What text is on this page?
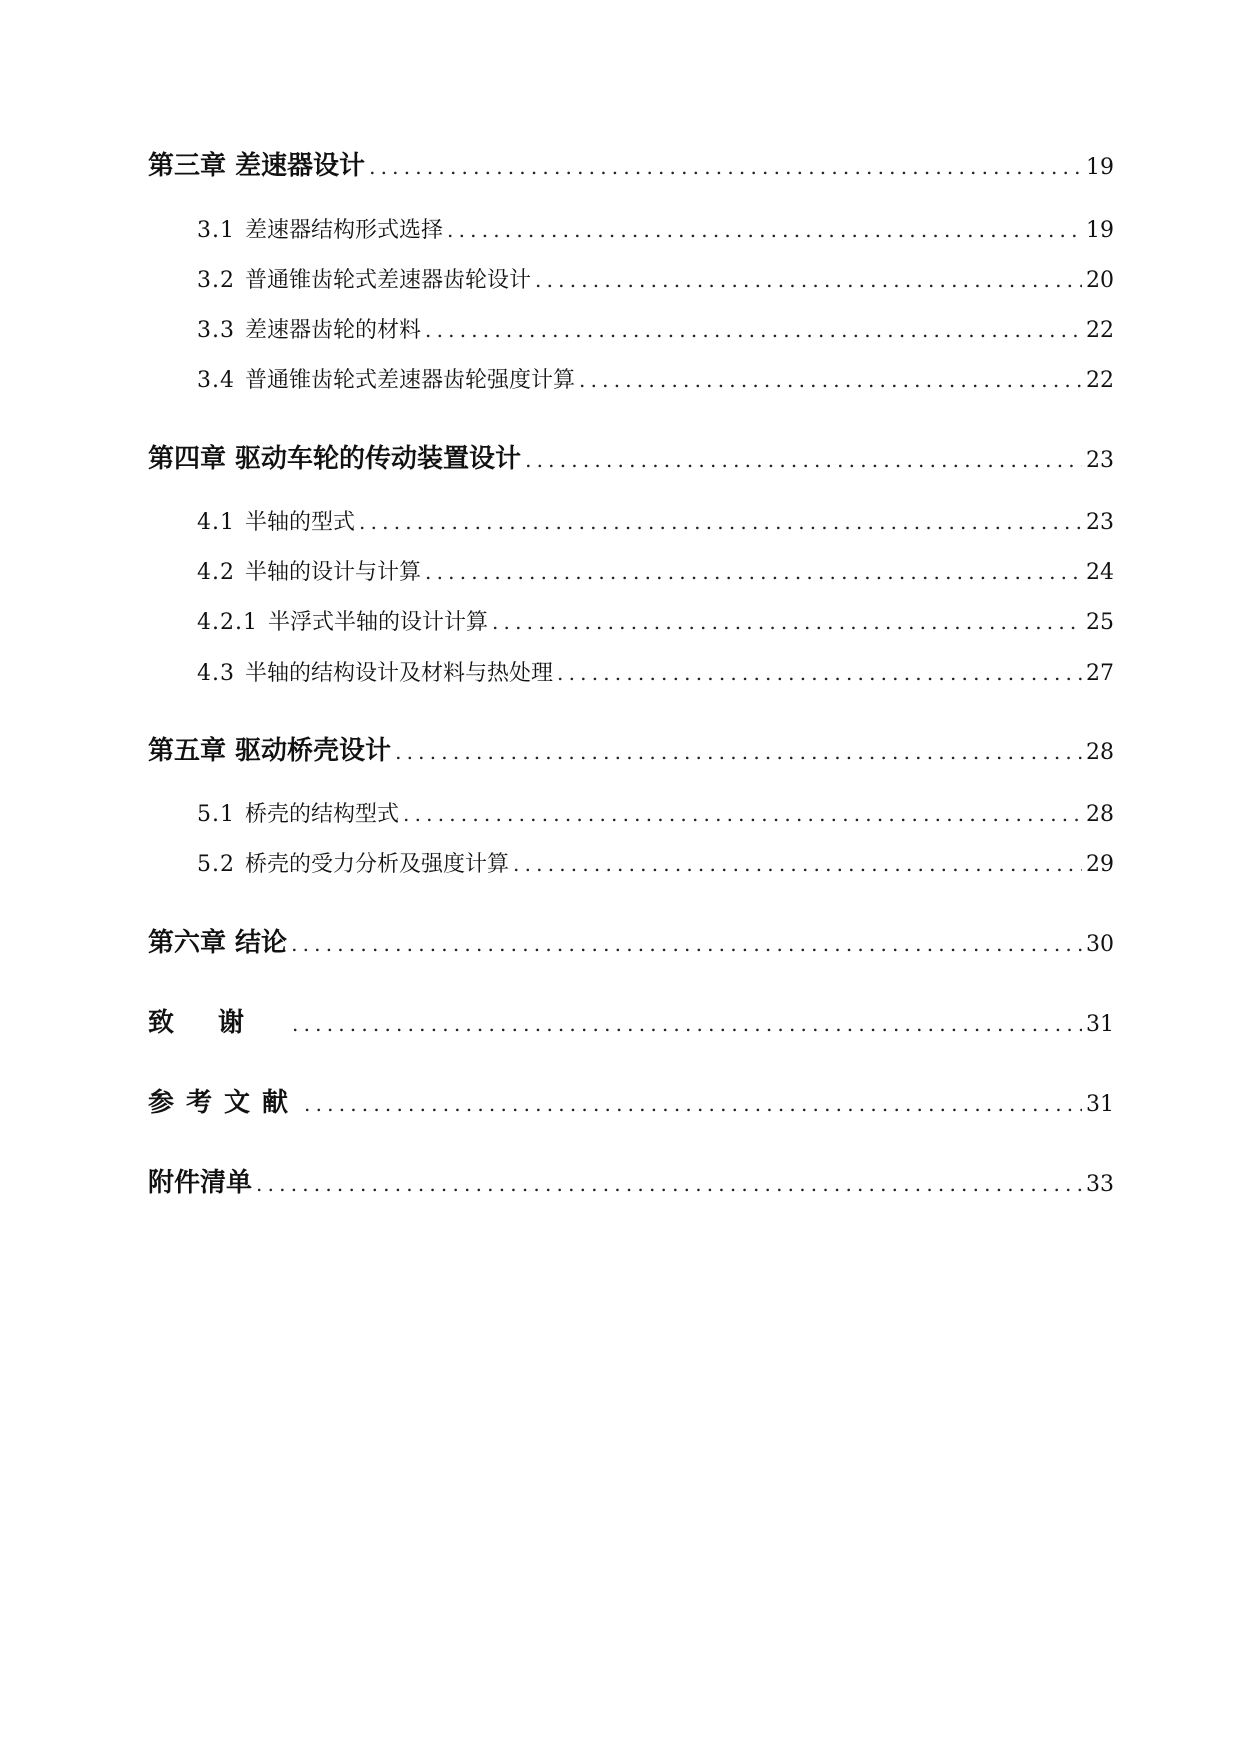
第三章 差速器设计 .....	19
3.1 差速器结构形式选择 .....	19
3.2 普通锥齿轮式差速器齿轮设计 .....	20
3.3 差速器齿轮的材料 .....	22
3.4 普通锥齿轮式差速器齿轮强度计算 .....	22
第四章 驱动车轮的传动装置设计 .....	23
4.1 半轴的型式 .....	23
4.2 半轴的设计与计算 .....	24
4.2.1 半浮式半轴的设计计算 .....	25
4.3 半轴的结构设计及材料与热处理 .....	27
第五章 驱动桥壳设计 .....	28
5.1 桥壳的结构型式 .....	28
5.2 桥壳的受力分析及强度计算 .....	29
第六章 结论 .....	30
致谢 .....	31
参考文献 .....	31
附件清单 .....	33
